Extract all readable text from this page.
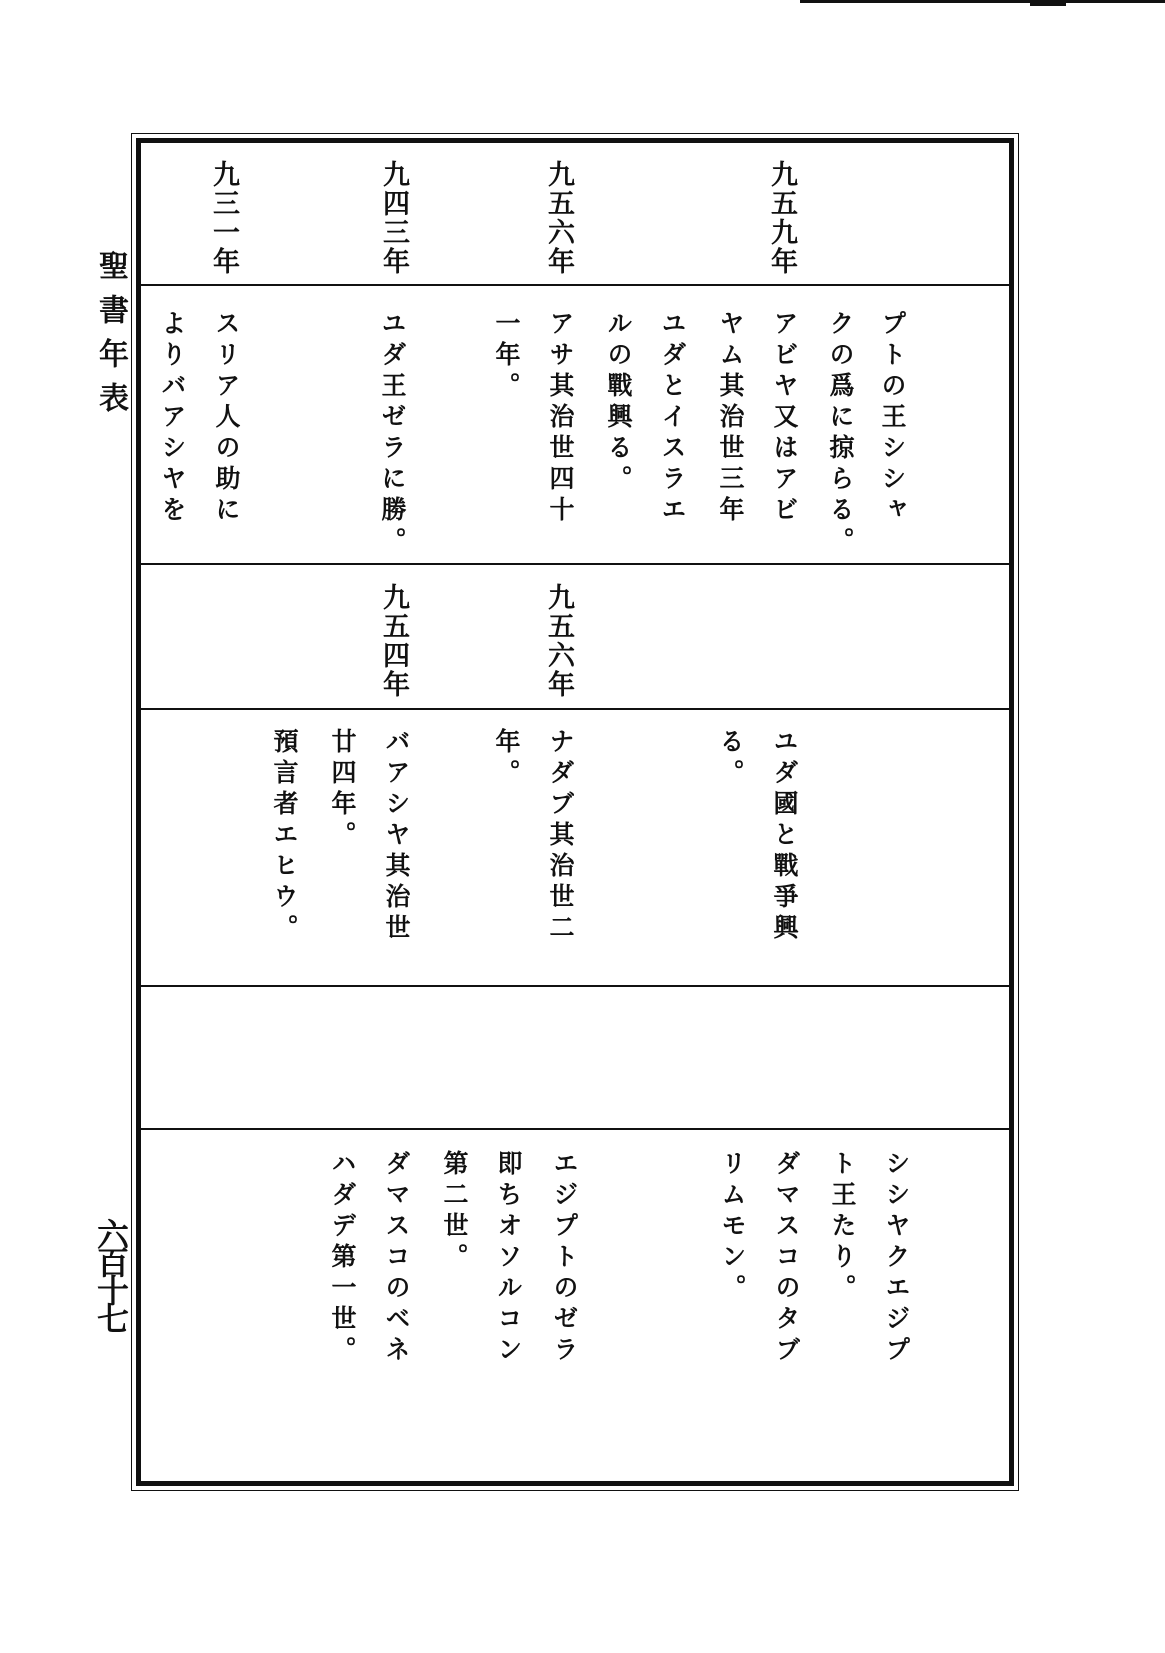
聖書年表
六百十七
九五九年
九五六年
九四三年
九三一年
プトの王シシャ
クの爲に掠らる。
アビヤ又はアビ
ヤム其治世三年
ユダとイスラエ
ルの戰興る。
アサ其治世四十
一年。
ユダ王ゼラに勝。
スリア人の助に
よりバアシヤを
九五六年
九五四年
ユダ國と戰爭興
る。
ナダブ其治世二
年。
バアシヤ其治世
廿四年。
預言者エヒウ。
シシヤクエジプ
ト王たり。
ダマスコのタブ
リムモン。
エジプトのゼラ
即ちオソルコン
第二世。
ダマスコのベネ
ハダデ第一世。
